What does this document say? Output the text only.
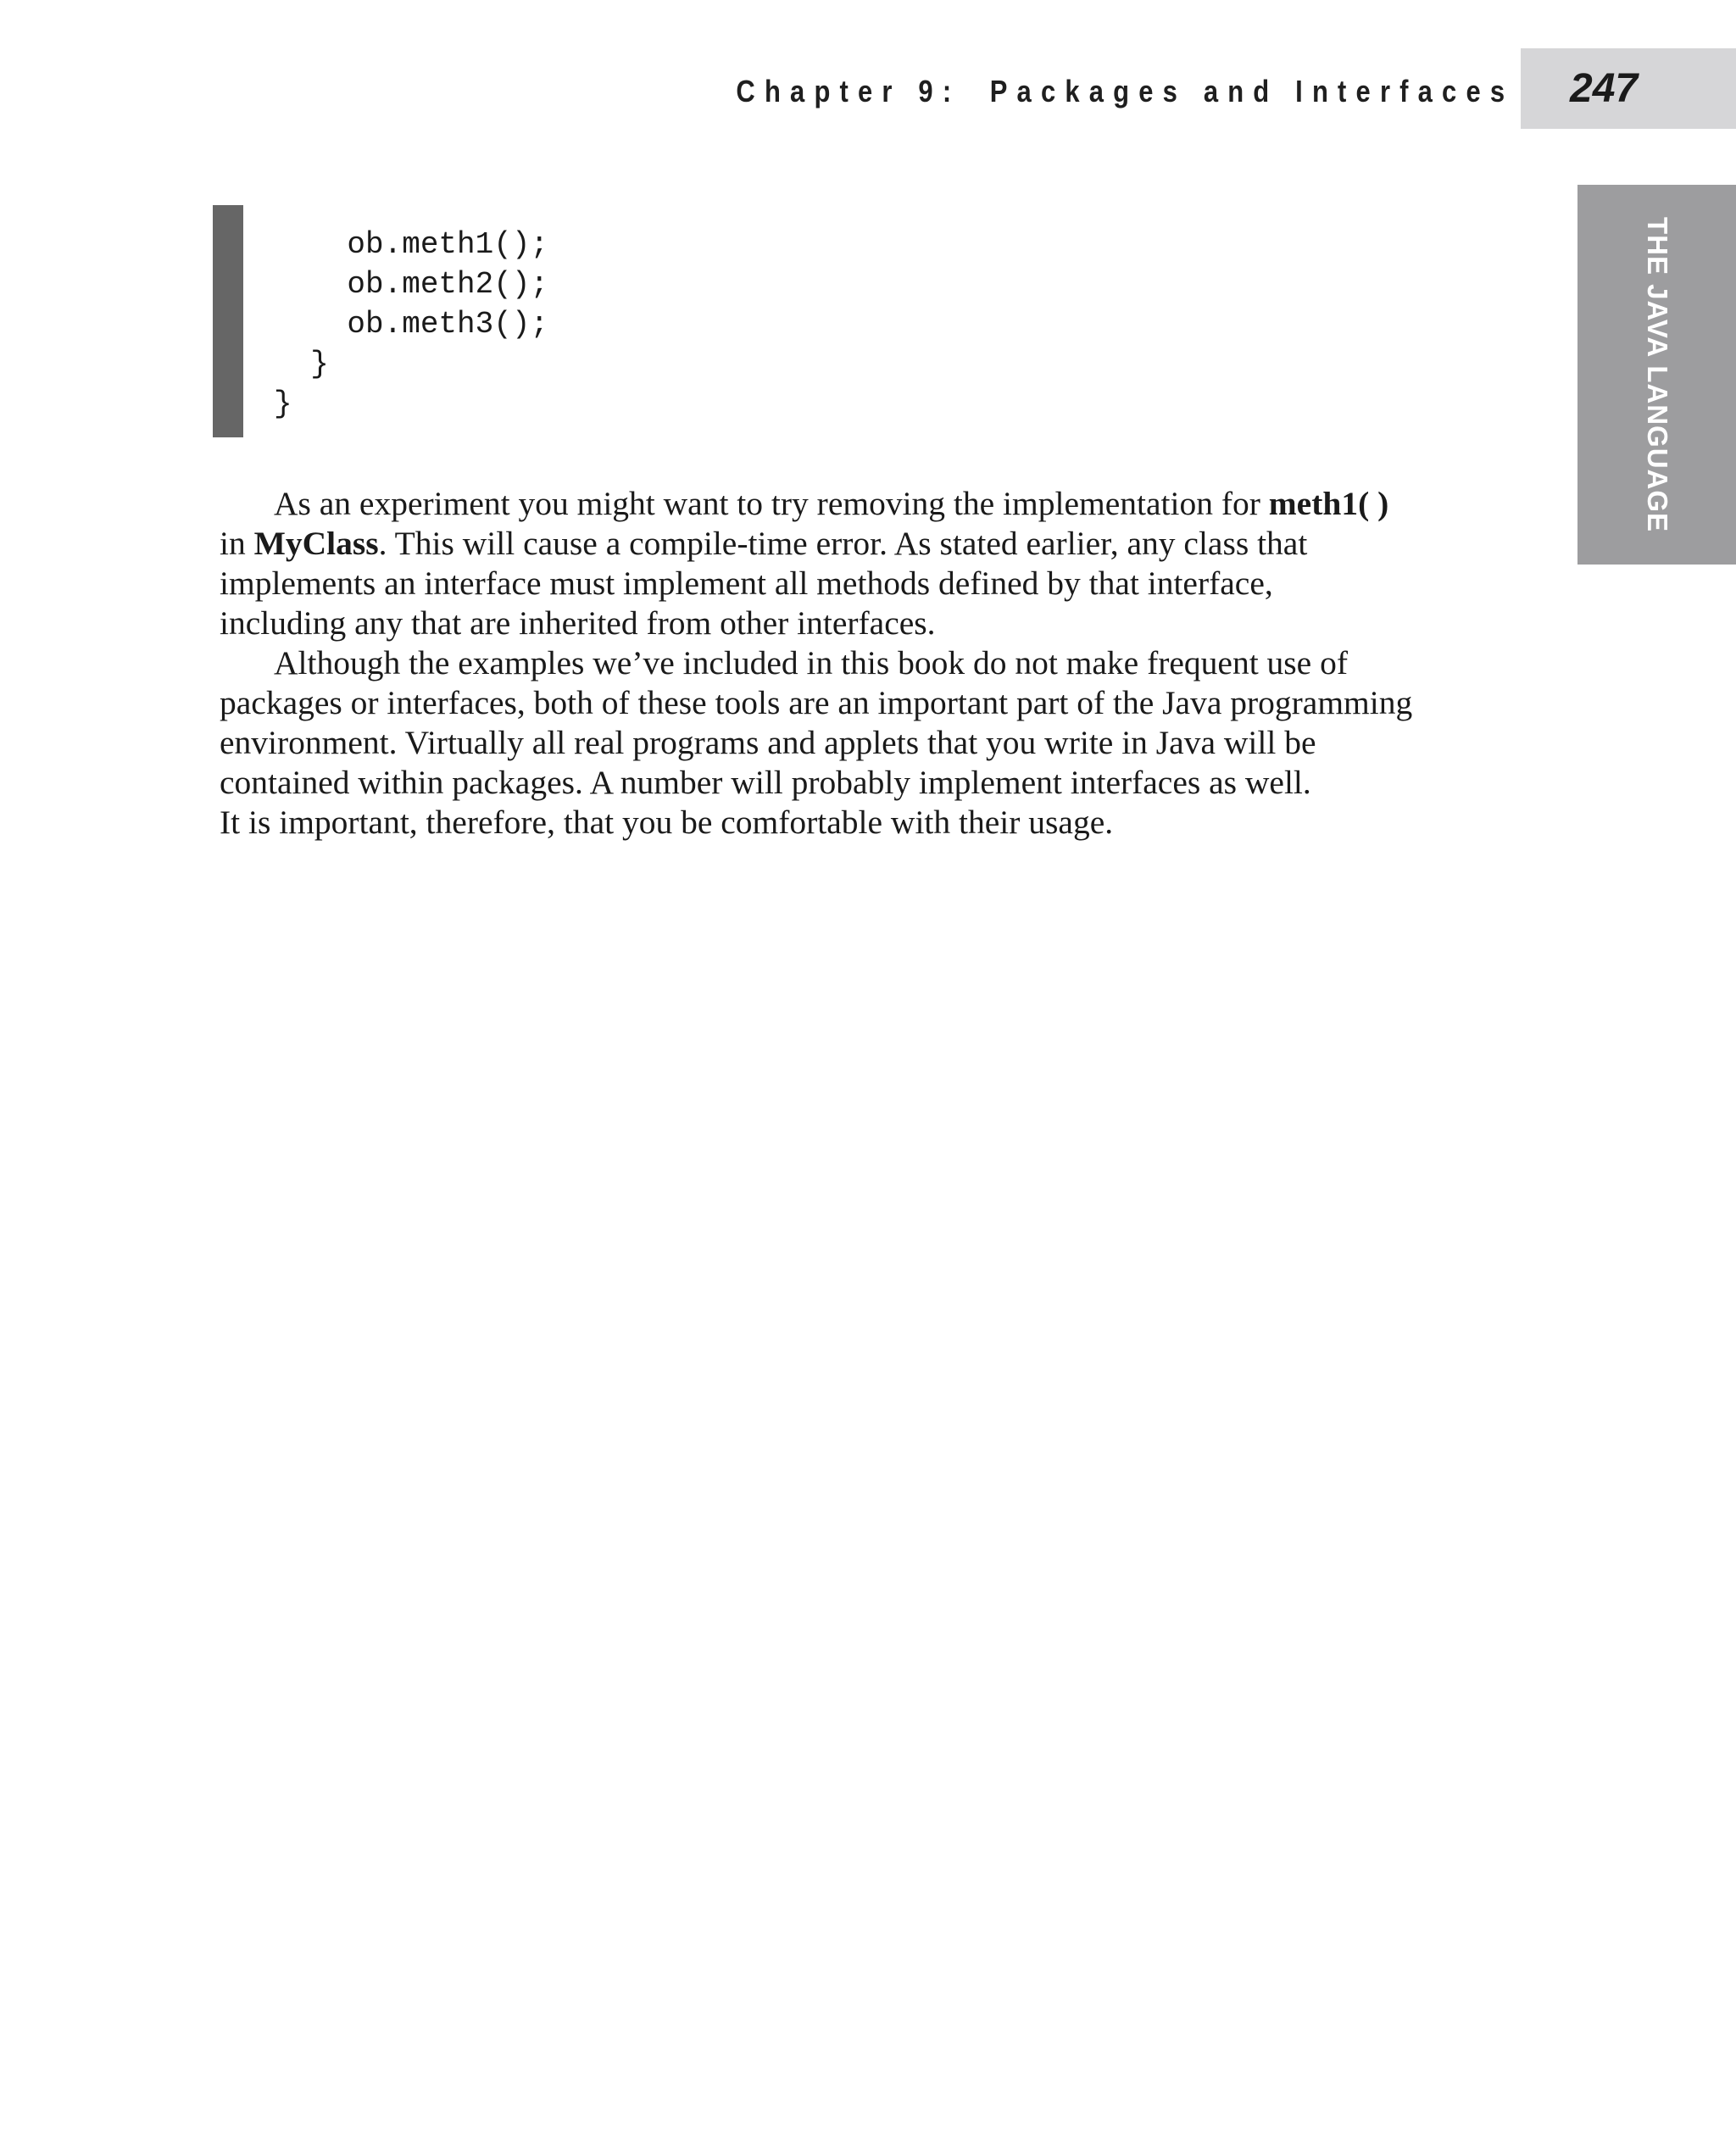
Chapter 9: Packages and Interfaces 247
THE JAVA LANGUAGE
ob.meth1();
ob.meth2();
ob.meth3();
}
}
As an experiment you might want to try removing the implementation for meth1( )
in MyClass. This will cause a compile-time error. As stated earlier, any class that
implements an interface must implement all methods defined by that interface,
including any that are inherited from other interfaces.
Although the examples we’ve included in this book do not make frequent use of
packages or interfaces, both of these tools are an important part of the Java programming
environment. Virtually all real programs and applets that you write in Java will be
contained within packages. A number will probably implement interfaces as well.
It is important, therefore, that you be comfortable with their usage.
